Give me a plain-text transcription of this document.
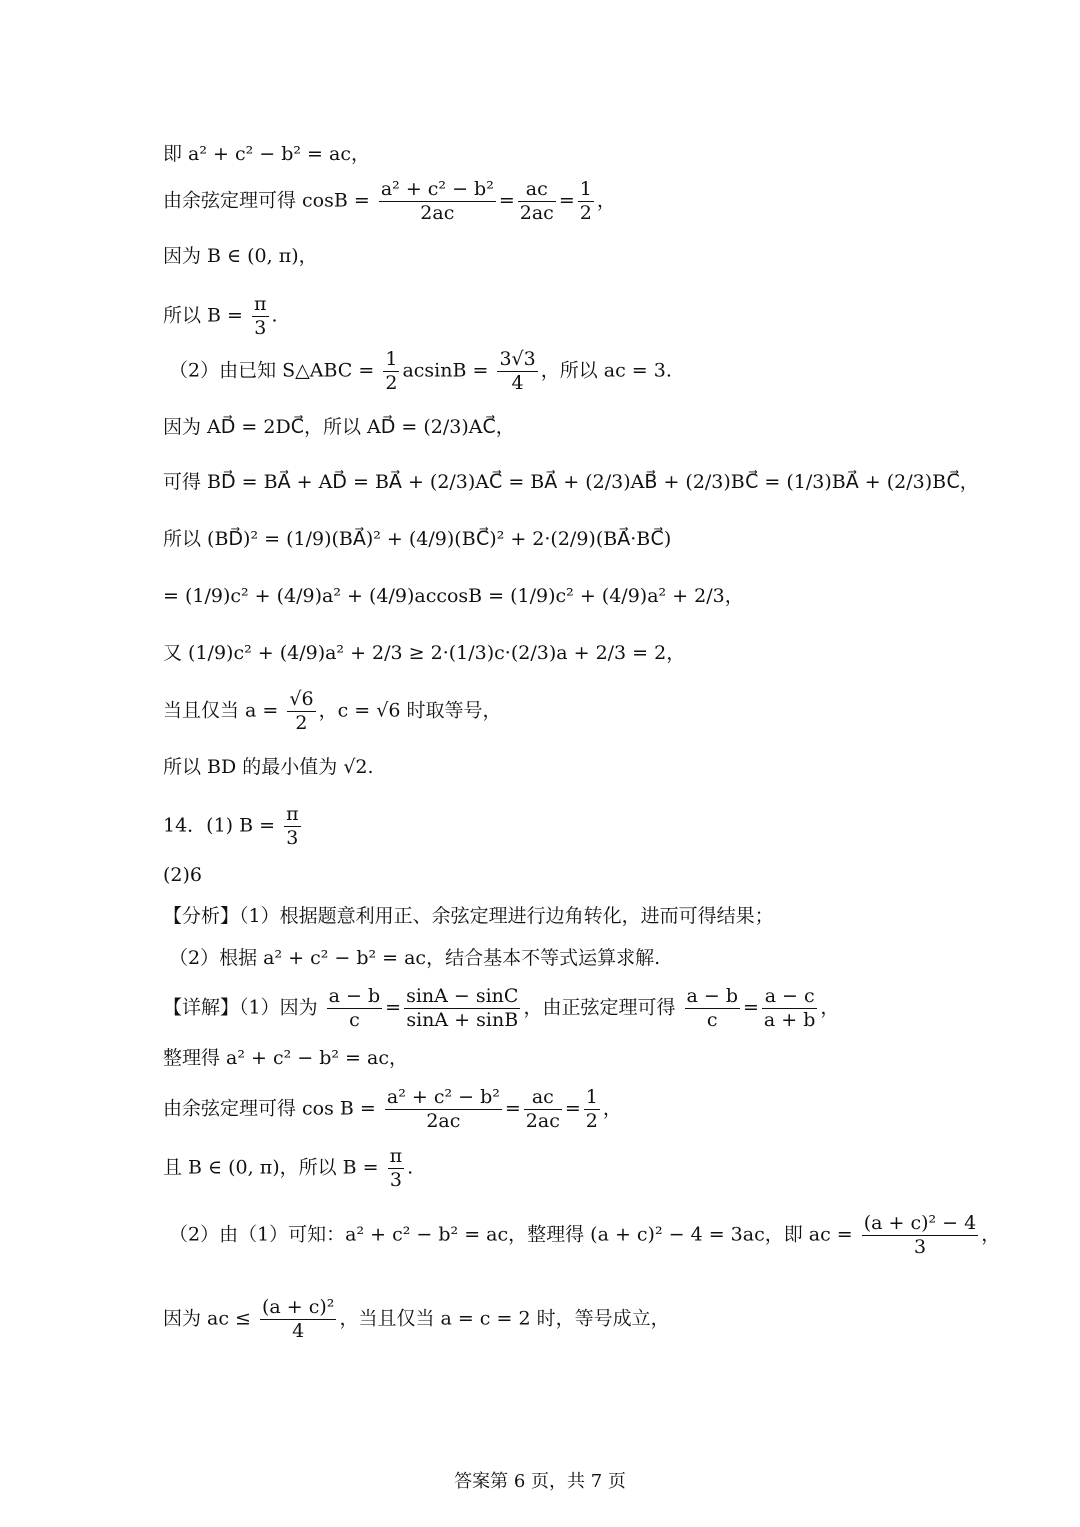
即 a² + c² − b² = ac，
由余弦定理可得 $\cos B = \frac{\text{a² + c² − b²}}{2ac} = \frac{ac}{2ac} = \frac{1}{2}$ ，
因为 B ∈ (0, π)，
所以 $B = \frac{\pi}{3}$ .
（2）由已知 S△ABC = $\frac{1}{2}$ $acsinB = \frac{3√3}{4}$ ，所以 ac = 3.
因为 AD⃗ = 2DC⃗，所以 AD⃗ = (2/3)AC⃗，
可得 BD⃗ = BA⃗ + AD⃗ = BA⃗ + (2/3)AC⃗ = BA⃗ + (2/3)AB⃗ + (2/3)BC⃗ = (1/3)BA⃗ + (2/3)BC⃗，
所以 (BD⃗)² = (1/9)(BA⃗)² + (4/9)(BC⃗)² + 2·(2/9)(BA⃗·BC⃗)
= (1/9)c² + (4/9)a² + (4/9)accosB = (1/9)c² + (4/9)a² + 2/3，
又 (1/9)c² + (4/9)a² + 2/3 ≥ 2·(1/3)c·(2/3)a + 2/3 = 2，
当且仅当 $a = \frac{√6}{2}$ ，c = √6 时取等号，
所以 BD 的最小值为 √2.
14．(1) $B = \frac{\pi}{3}$
(2)6
【分析】（1）根据题意利用正、余弦定理进行边角转化，进而可得结果；
（2）根据 a² + c² − b² = ac，结合基本不等式运算求解.
【详解】（1）因为 $\frac{a - b}{c} = \frac{\sin A - \sin C}{\sin A + \sin B}$ ，由正弦定理可得 $\frac{a - b}{c} = \frac{a - c}{a + b}$ ，
整理得 a² + c² − b² = ac，
由余弦定理可得 $\cos B = \frac{\text{a² + c² − b²}}{2ac} = \frac{ac}{2ac} = \frac{1}{2}$ ，
且 B ∈ (0, π)，所以 $B = \frac{\pi}{3}$ .
（2）由（1）可知：a² + c² − b² = ac，整理得 (a + c)² − 4 = 3ac，即 ac = $\frac{\text{(a + c)² − 4}}{3}$ ，
因为 ac ≤ $\frac{\text{(a + c)²}}{4}$ ，当且仅当 a = c = 2 时，等号成立，
答案第 6 页，共 7 页
